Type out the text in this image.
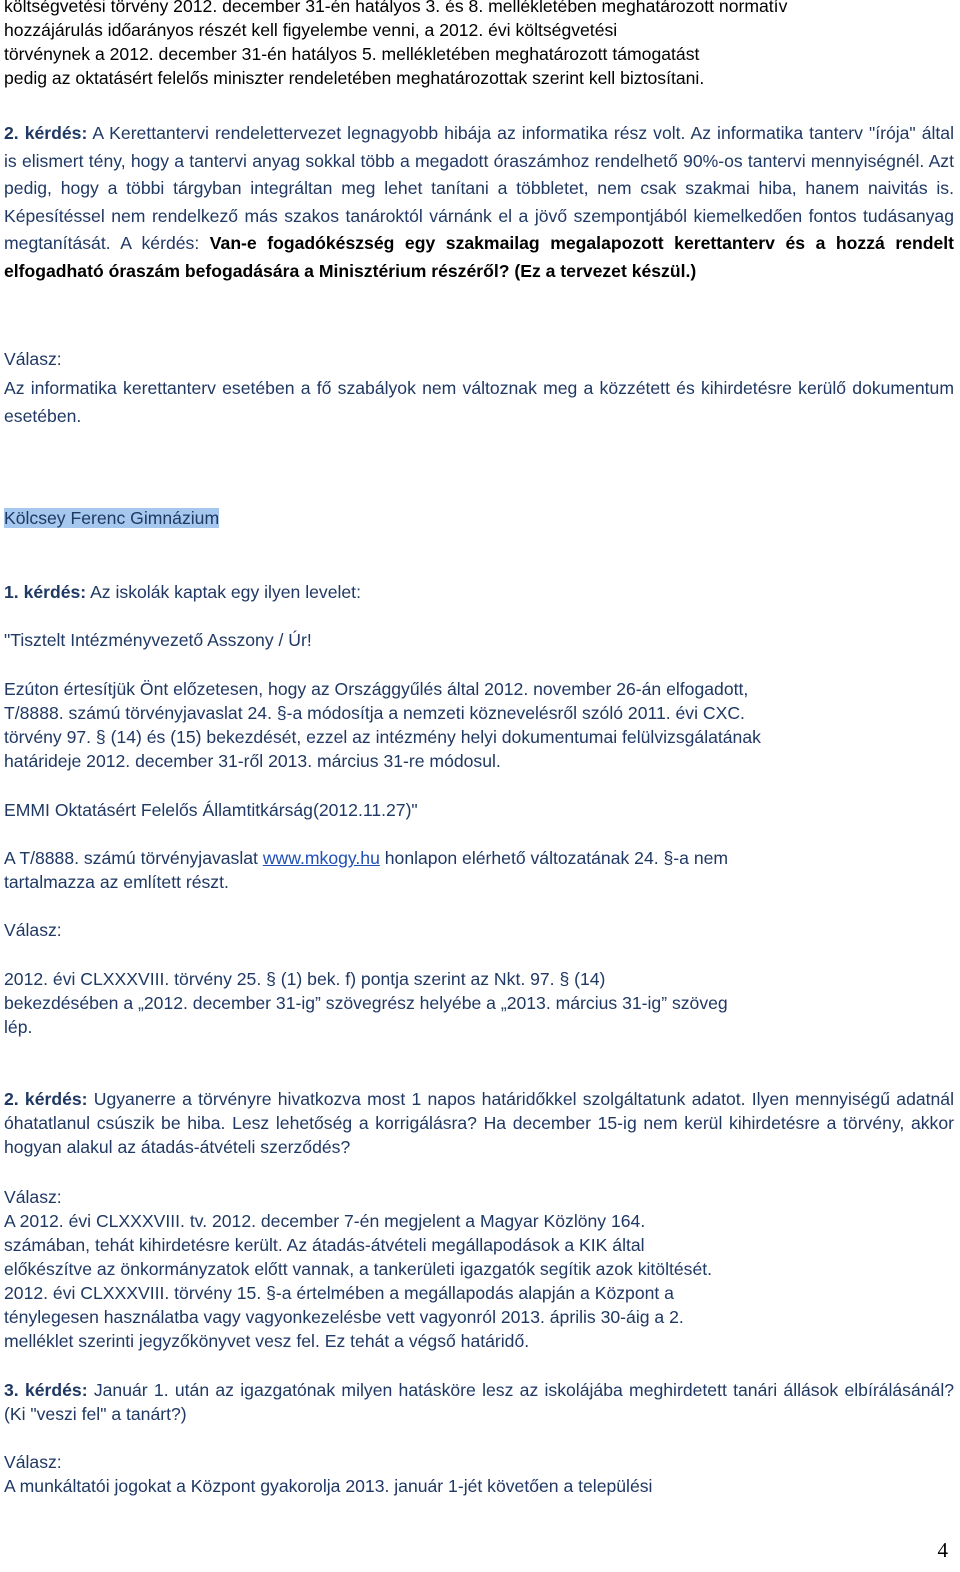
költségvetési törvény 2012. december 31-én hatályos 3. és 8. mellékletében meghatározott normatív

hozzájárulás időarányos részét kell figyelembe venni, a 2012. évi költségvetési

törvénynek a 2012. december 31-én hatályos 5. mellékletében meghatározott támogatást

pedig az oktatásért felelős miniszter rendeletében meghatározottak szerint kell biztosítani.

2. kérdés: A Kerettantervi rendelettervezet legnagyobb hibája az informatika rész volt. Az informatika tanterv "írója" által is elismert tény, hogy a tantervi anyag sokkal több a megadott óraszámhoz rendelhető 90%-os tantervi mennyiségnél. Azt pedig, hogy a többi tárgyban integráltan meg lehet tanítani a többletet, nem csak szakmai hiba, hanem naivitás is. Képesítéssel nem rendelkező más szakos tanároktól várnánk el a jövő szempontjából kiemelkedően fontos tudásanyag megtanítását. A kérdés: Van-e fogadókészség egy szakmailag megalapozott kerettanterv és a hozzá rendelt elfogadható óraszám befogadására a Minisztérium részéről? (Ez a tervezet készül.)

Válasz:

Az informatika kerettanterv esetében a fő szabályok nem változnak meg a közzétett és kihirdetésre kerülő dokumentum esetében.

Kölcsey Ferenc Gimnázium

1. kérdés: Az iskolák kaptak egy ilyen levelet:

"Tisztelt Intézményvezető Asszony / Úr!

Ezúton értesítjük Önt előzetesen, hogy az Országgyűlés által 2012. november 26-án elfogadott,

T/8888. számú törvényjavaslat 24. §-a módosítja a nemzeti köznevelésről szóló 2011. évi CXC.

törvény 97. § (14) és (15) bekezdését, ezzel az intézmény helyi dokumentumai felülvizsgálatának

határideje 2012. december 31-ről 2013. március 31-re módosul.

EMMI Oktatásért Felelős Államtitkárság(2012.11.27)"

A T/8888. számú törvényjavaslat www.mkogy.hu honlapon elérhető változatának 24. §-a nem

tartalmazza az említett részt.

Válasz:

2012. évi CLXXXVIII. törvény 25. § (1) bek. f) pontja szerint az Nkt. 97. § (14)

bekezdésében a „2012. december 31-ig” szövegrész helyébe a „2013. március 31-ig” szöveg

lép.

2. kérdés: Ugyanerre a törvényre hivatkozva most 1 napos határidőkkel szolgáltatunk adatot. Ilyen mennyiségű adatnál óhatatlanul csúszik be hiba. Lesz lehetőség a korrigálásra? Ha december 15-ig nem kerül kihirdetésre a törvény, akkor hogyan alakul az átadás-átvételi szerződés?

Válasz:

A 2012. évi CLXXXVIII. tv. 2012. december 7-én megjelent a Magyar Közlöny 164.

számában, tehát kihirdetésre került. Az átadás-átvételi megállapodások a KIK által

előkészítve az önkormányzatok előtt vannak, a tankerületi igazgatók segítik azok kitöltését.

2012. évi CLXXXVIII. törvény 15. §-a értelmében a megállapodás alapján a Központ a

ténylegesen használatba vagy vagyonkezelésbe vett vagyonról 2013. április 30-áig a 2.

melléklet szerinti jegyzőkönyvet vesz fel. Ez tehát a végső határidő.

3. kérdés: Január 1. után az igazgatónak milyen hatásköre lesz az iskolájába meghirdetett tanári állások elbírálásánál? (Ki "veszi fel" a tanárt?)

Válasz:

A munkáltatói jogokat a Központ gyakorolja 2013. január 1-jét követően a települési

4
